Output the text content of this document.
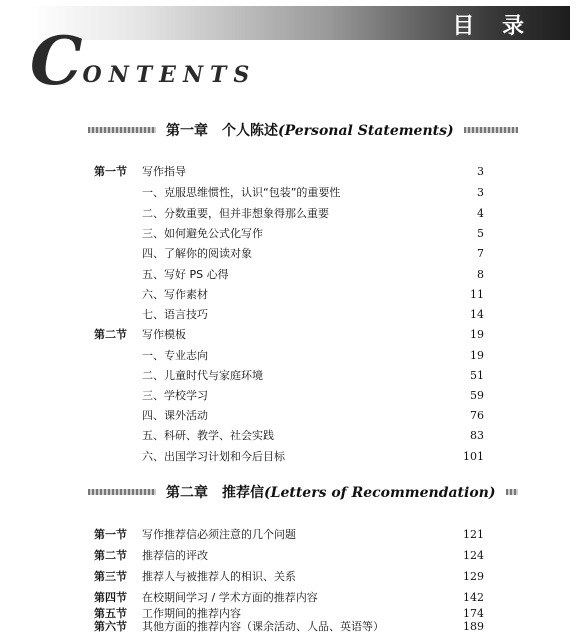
目 录
CONTENTS
第一章　个人陈述(Personal Statements)
第一节	写作指导	3
一、克服思维惯性，认识“包装”的重要性	3
二、分数重要，但并非想象得那么重要	4
三、如何避免公式化写作	5
四、了解你的阅读对象	7
五、写好 PS 心得	8
六、写作素材	11
七、语言技巧	14
第二节	写作模板	19
一、专业志向	19
二、儿童时代与家庭环境	51
三、学校学习	59
四、课外活动	76
五、科研、教学、社会实践	83
六、出国学习计划和今后目标	101
第二章　推荐信(Letters of Recommendation)
第一节	写作推荐信必须注意的几个问题	121
第二节	推荐信的评改	124
第三节	推荐人与被推荐人的相识、关系	129
第四节	在校期间学习 / 学术方面的推荐内容	142
第五节	工作期间的推荐内容	174
第六节	其他方面的推荐内容（课余活动、人品、英语等）	189
